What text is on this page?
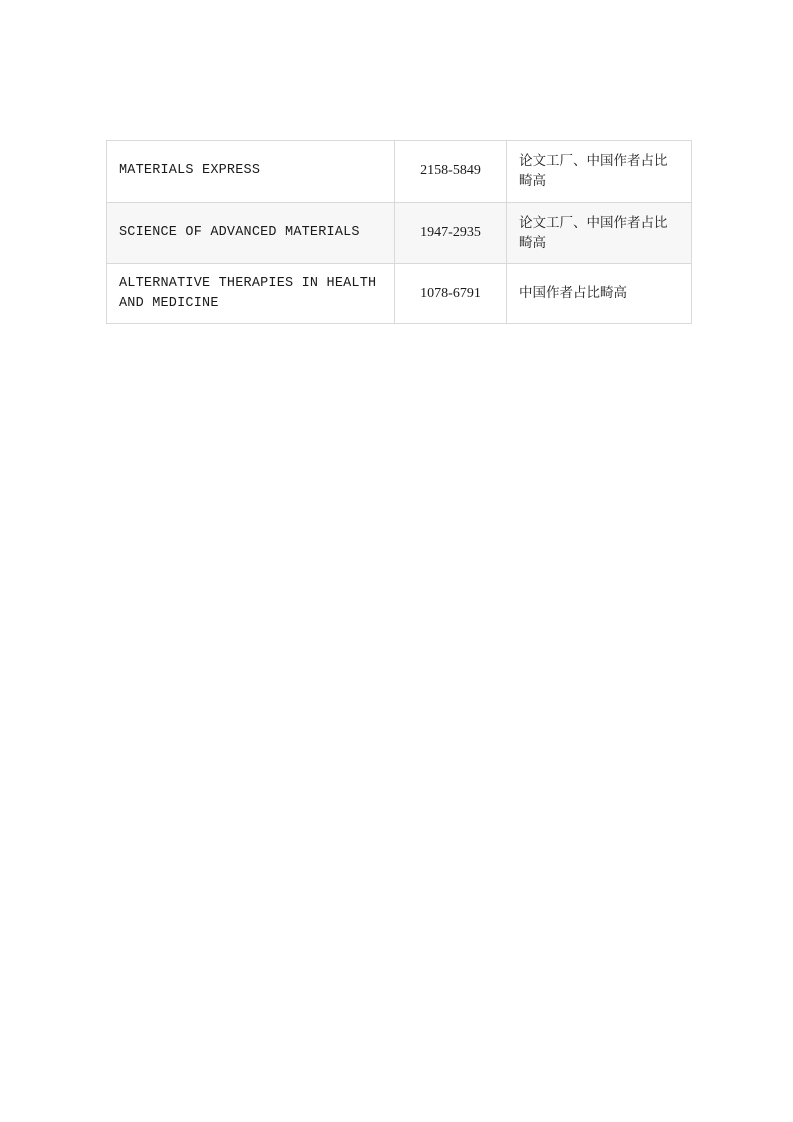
MATERIALS EXPRESS	2158-5849	论文工厂、中国作者占比畸高
SCIENCE OF ADVANCED MATERIALS	1947-2935	论文工厂、中国作者占比畸高
ALTERNATIVE THERAPIES IN HEALTH AND MEDICINE	1078-6791	中国作者占比畸高
